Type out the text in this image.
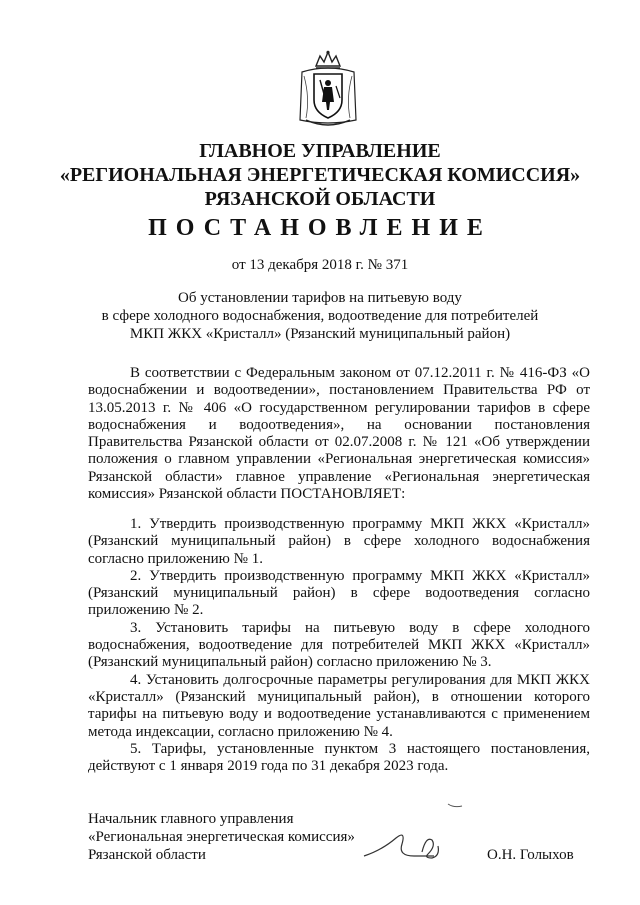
ГЛАВНОЕ УПРАВЛЕНИЕ
«РЕГИОНАЛЬНАЯ ЭНЕРГЕТИЧЕСКАЯ КОМИССИЯ»
РЯЗАНСКОЙ ОБЛАСТИ
ПОСТАНОВЛЕНИЕ
от 13 декабря 2018 г. № 371
Об установлении тарифов на питьевую воду
в сфере холодного водоснабжения, водоотведение для потребителей
МКП ЖКХ «Кристалл» (Рязанский муниципальный район)

В соответствии с Федеральным законом от 07.12.2011 г. № 416-ФЗ «О водоснабжении и водоотведении», постановлением Правительства РФ от 13.05.2013 г. № 406 «О государственном регулировании тарифов в сфере водоснабжения и водоотведения», на основании постановления Правительства Рязанской области от 02.07.2008 г. № 121 «Об утверждении положения о главном управлении «Региональная энергетическая комиссия» Рязанской области» главное управление «Региональная энергетическая комиссия» Рязанской области ПОСТАНОВЛЯЕТ:

1. Утвердить производственную программу МКП ЖКХ «Кристалл» (Рязанский муниципальный район) в сфере холодного водоснабжения согласно приложению № 1.

2. Утвердить производственную программу МКП ЖКХ «Кристалл» (Рязанский муниципальный район) в сфере водоотведения согласно приложению № 2.

3. Установить тарифы на питьевую воду в сфере холодного водоснабжения, водоотведение для потребителей МКП ЖКХ «Кристалл» (Рязанский муниципальный район) согласно приложению № 3.

4. Установить долгосрочные параметры регулирования для МКП ЖКХ «Кристалл» (Рязанский муниципальный район), в отношении которого тарифы на питьевую воду и водоотведение устанавливаются с применением метода индексации, согласно приложению № 4.

5. Тарифы, установленные пунктом 3 настоящего постановления, действуют с 1 января 2019 года по 31 декабря 2023 года.

Начальник главного управления
«Региональная энергетическая комиссия»
Рязанской области	О.Н. Голыхов
